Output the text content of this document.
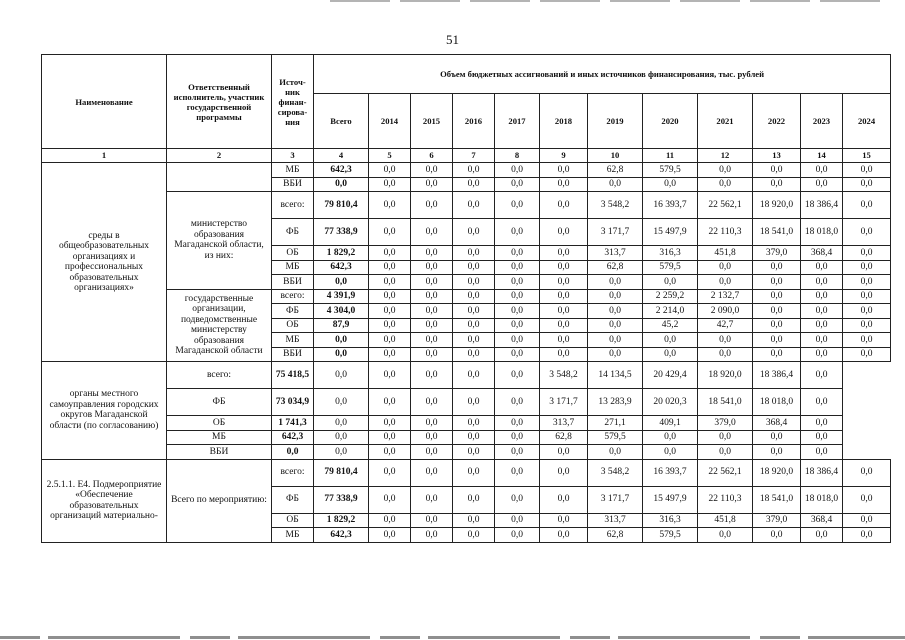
51
Наименование	Ответственный исполнитель, участник государственной программы	Источ-ник финан-сирова-ния	Объем бюджетных ассигнований и иных источников финансирования, тыс. рублей											
			Всего	2014	2015	2016	2017	2018	2019	2020	2021	2022	2023	2024
1	2	3	4	5	6	7	8	9	10	11	12	13	14	15
среды в общеобразовательных организациях и профессиональных образовательных организациях»		МБ	642,3	0,0	0,0	0,0	0,0	0,0	62,8	579,5	0,0	0,0	0,0	0,0
		ВБИ	0,0	0,0	0,0	0,0	0,0	0,0	0,0	0,0	0,0	0,0	0,0	0,0
	министерство образования Магаданской области, из них:	всего:	79 810,4	0,0	0,0	0,0	0,0	0,0	3 548,2	16 393,7	22 562,1	18 920,0	18 386,4	0,0
		ФБ	77 338,9	0,0	0,0	0,0	0,0	0,0	3 171,7	15 497,9	22 110,3	18 541,0	18 018,0	0,0
		ОБ	1 829,2	0,0	0,0	0,0	0,0	0,0	313,7	316,3	451,8	379,0	368,4	0,0
		МБ	642,3	0,0	0,0	0,0	0,0	0,0	62,8	579,5	0,0	0,0	0,0	0,0
		ВБИ	0,0	0,0	0,0	0,0	0,0	0,0	0,0	0,0	0,0	0,0	0,0	0,0
	государственные организации, подведомственные министерству образования Магаданской области	всего:	4 391,9	0,0	0,0	0,0	0,0	0,0	0,0	2 259,2	2 132,7	0,0	0,0	0,0
		ФБ	4 304,0	0,0	0,0	0,0	0,0	0,0	0,0	2 214,0	2 090,0	0,0	0,0	0,0
		ОБ	87,9	0,0	0,0	0,0	0,0	0,0	0,0	45,2	42,7	0,0	0,0	0,0
		МБ	0,0	0,0	0,0	0,0	0,0	0,0	0,0	0,0	0,0	0,0	0,0	0,0
		ВБИ	0,0	0,0	0,0	0,0	0,0	0,0	0,0	0,0	0,0	0,0	0,0	0,0
органы местного самоуправления городских округов Магаданской области (по согласованию)	всего:	75 418,5	0,0	0,0	0,0	0,0	0,0	3 548,2	14 134,5	20 429,4	18 920,0	18 386,4	0,0	
	ФБ	73 034,9	0,0	0,0	0,0	0,0	0,0	3 171,7	13 283,9	20 020,3	18 541,0	18 018,0	0,0	
	ОБ	1 741,3	0,0	0,0	0,0	0,0	0,0	313,7	271,1	409,1	379,0	368,4	0,0	
	МБ	642,3	0,0	0,0	0,0	0,0	0,0	62,8	579,5	0,0	0,0	0,0	0,0	
	ВБИ	0,0	0,0	0,0	0,0	0,0	0,0	0,0	0,0	0,0	0,0	0,0	0,0	
2.5.1.1. Е4. Подмероприятие «Обеспечение образовательных организаций материально-	Всего по мероприятию:	всего:	79 810,4	0,0	0,0	0,0	0,0	0,0	3 548,2	16 393,7	22 562,1	18 920,0	18 386,4	0,0
		ФБ	77 338,9	0,0	0,0	0,0	0,0	0,0	3 171,7	15 497,9	22 110,3	18 541,0	18 018,0	0,0
		ОБ	1 829,2	0,0	0,0	0,0	0,0	0,0	313,7	316,3	451,8	379,0	368,4	0,0
		МБ	642,3	0,0	0,0	0,0	0,0	0,0	62,8	579,5	0,0	0,0	0,0	0,0
